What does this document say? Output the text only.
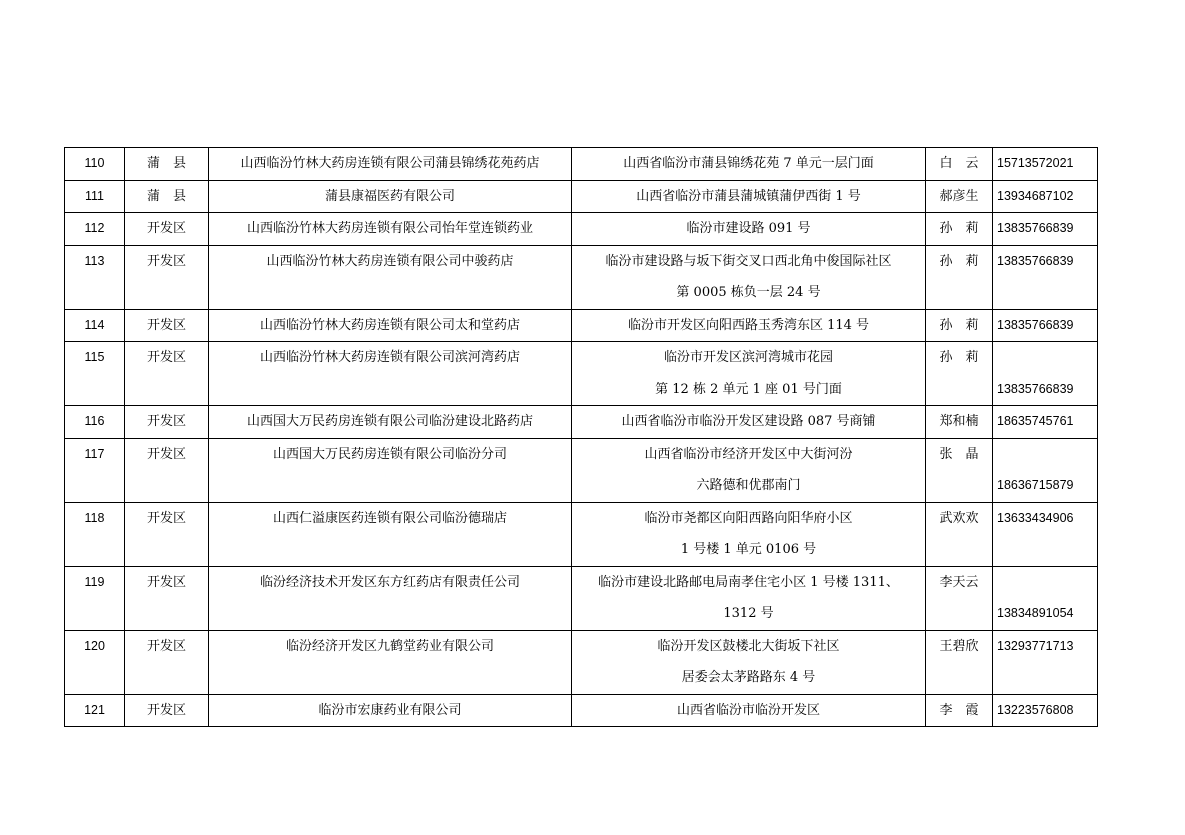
110	蒲　县	山西临汾竹林大药房连锁有限公司蒲县锦绣花苑药店	山西省临汾市蒲县锦绣花苑 7 单元一层门面	白　云	15713572021

111	蒲　县	蒲县康福医药有限公司	山西省临汾市蒲县蒲城镇蒲伊西街 1 号	郝彦生	13934687102

112	开发区	山西临汾竹林大药房连锁有限公司怡年堂连锁药业	临汾市建设路 091 号	孙　莉	13835766839

113	开发区	山西临汾竹林大药房连锁有限公司中骏药店	临汾市建设路与坂下街交叉口西北角中俊国际社区
第 0005 栋负一层 24 号	孙　莉	13835766839

114	开发区	山西临汾竹林大药房连锁有限公司太和堂药店	临汾市开发区向阳西路玉秀湾东区 114 号	孙　莉	13835766839

115	开发区	山西临汾竹林大药房连锁有限公司滨河湾药店	临汾市开发区滨河湾城市花园
第 12 栋 2 单元 1 座 01 号门面	孙　莉	13835766839

116	开发区	山西国大万民药房连锁有限公司临汾建设北路药店	山西省临汾市临汾开发区建设路 087 号商铺	郑和楠	18635745761

117	开发区	山西国大万民药房连锁有限公司临汾分司	山西省临汾市经济开发区中大街河汾
六路德和优郡南门	张　晶	18636715879

118	开发区	山西仁溢康医药连锁有限公司临汾德瑞店	临汾市尧都区向阳西路向阳华府小区
1 号楼 1 单元 0106 号	武欢欢	13633434906

119	开发区	临汾经济技术开发区东方红药店有限责任公司	临汾市建设北路邮电局南孝住宅小区 1 号楼 1311、
1312 号	李天云	13834891054

120	开发区	临汾经济开发区九鹤堂药业有限公司	临汾开发区鼓楼北大街坂下社区
居委会太茅路路东 4 号	王碧欣	13293771713

121	开发区	临汾市宏康药业有限公司	山西省临汾市临汾开发区	李　霞	13223576808
